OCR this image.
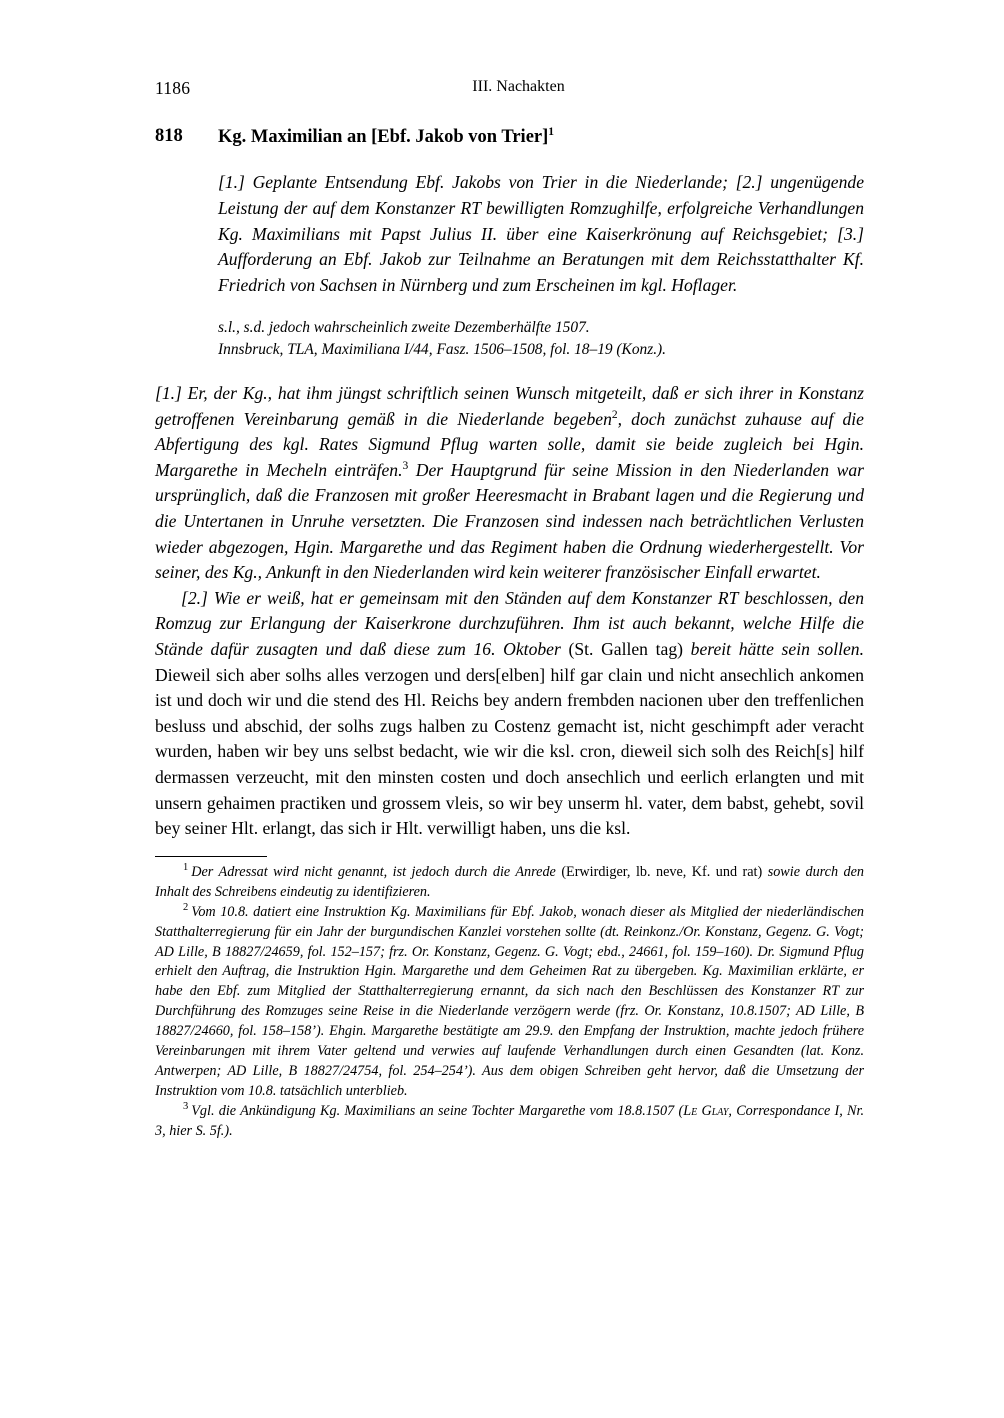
1186	III. Nachakten
818 Kg. Maximilian an [Ebf. Jakob von Trier]$^1$
[1.] Geplante Entsendung Ebf. Jakobs von Trier in die Niederlande; [2.] ungenügende Leistung der auf dem Konstanzer RT bewilligten Romzughilfe, erfolgreiche Verhandlungen Kg. Maximilians mit Papst Julius II. über eine Kaiserkrönung auf Reichsgebiet; [3.] Aufforderung an Ebf. Jakob zur Teilnahme an Beratungen mit dem Reichsstatthalter Kf. Friedrich von Sachsen in Nürnberg und zum Erscheinen im kgl. Hoflager.
s.l., s.d. jedoch wahrscheinlich zweite Dezemberhälfte 1507.
Innsbruck, TLA, Maximiliana I/44, Fasz. 1506–1508, fol. 18–19 (Konz.).

[1.] Er, der Kg., hat ihm jüngst schriftlich seinen Wunsch mitgeteilt, daß er sich ihrer in Konstanz getroffenen Vereinbarung gemäß in die Niederlande begeben$^2$, doch zunächst zuhause auf die Abfertigung des kgl. Rates Sigmund Pflug warten solle, damit sie beide zugleich bei Hgin. Margarethe in Mecheln einträfen.$^3$ Der Hauptgrund für seine Mission in den Niederlanden war ursprünglich, daß die Franzosen mit großer Heeresmacht in Brabant lagen und die Regierung und die Untertanen in Unruhe versetzten. Die Franzosen sind indessen nach beträchtlichen Verlusten wieder abgezogen, Hgin. Margarethe und das Regiment haben die Ordnung wiederhergestellt. Vor seiner, des Kg., Ankunft in den Niederlanden wird kein weiterer französischer Einfall erwartet.

[2.] Wie er weiß, hat er gemeinsam mit den Ständen auf dem Konstanzer RT beschlossen, den Romzug zur Erlangung der Kaiserkrone durchzuführen. Ihm ist auch bekannt, welche Hilfe die Stände dafür zusagten und daß diese zum 16. Oktober (St. Gallen tag) bereit hätte sein sollen. Dieweil sich aber solhs alles verzogen und ders[elben] hilf gar clain und nicht ansechlich ankomen ist und doch wir und die stend des Hl. Reichs bey andern frembden nacionen uber den treffenlichen besluss und abschid, der solhs zugs halben zu Costenz gemacht ist, nicht geschimpft ader veracht wurden, haben wir bey uns selbst bedacht, wie wir die ksl. cron, dieweil sich solh des Reich[s] hilf dermassen verzeucht, mit den minsten costen und doch ansechlich und eerlich erlangten und mit unsern gehaimen practiken und grossem vleis, so wir bey unserm hl. vater, dem babst, gehebt, sovil bey seiner Hlt. erlangt, das sich ir Hlt. verwilligt haben, uns die ksl.

$^1$ Der Adressat wird nicht genannt, ist jedoch durch die Anrede (Erwirdiger, lb. neve, Kf. und rat) sowie durch den Inhalt des Schreibens eindeutig zu identifizieren.

$^2$ Vom 10.8. datiert eine Instruktion Kg. Maximilians für Ebf. Jakob, wonach dieser als Mitglied der niederländischen Statthalterregierung für ein Jahr der burgundischen Kanzlei vorstehen sollte (dt. Reinkonz./Or. Konstanz, Gegenz. G. Vogt; AD Lille, B 18827/24659, fol. 152–157; frz. Or. Konstanz, Gegenz. G. Vogt; ebd., 24661, fol. 159–160). Dr. Sigmund Pflug erhielt den Auftrag, die Instruktion Hgin. Margarethe und dem Geheimen Rat zu übergeben. Kg. Maximilian erklärte, er habe den Ebf. zum Mitglied der Statthalterregierung ernannt, da sich nach den Beschlüssen des Konstanzer RT zur Durchführung des Romzuges seine Reise in die Niederlande verzögern werde (frz. Or. Konstanz, 10.8.1507; AD Lille, B 18827/24660, fol. 158–158’). Ehgin. Margarethe bestätigte am 29.9. den Empfang der Instruktion, machte jedoch frühere Vereinbarungen mit ihrem Vater geltend und verwies auf laufende Verhandlungen durch einen Gesandten (lat. Konz. Antwerpen; AD Lille, B 18827/24754, fol. 254–254’). Aus dem obigen Schreiben geht hervor, daß die Umsetzung der Instruktion vom 10.8. tatsächlich unterblieb.

$^3$ Vgl. die Ankündigung Kg. Maximilians an seine Tochter Margarethe vom 18.8.1507 (Le Glay, Correspondance I, Nr. 3, hier S. 5f.).
